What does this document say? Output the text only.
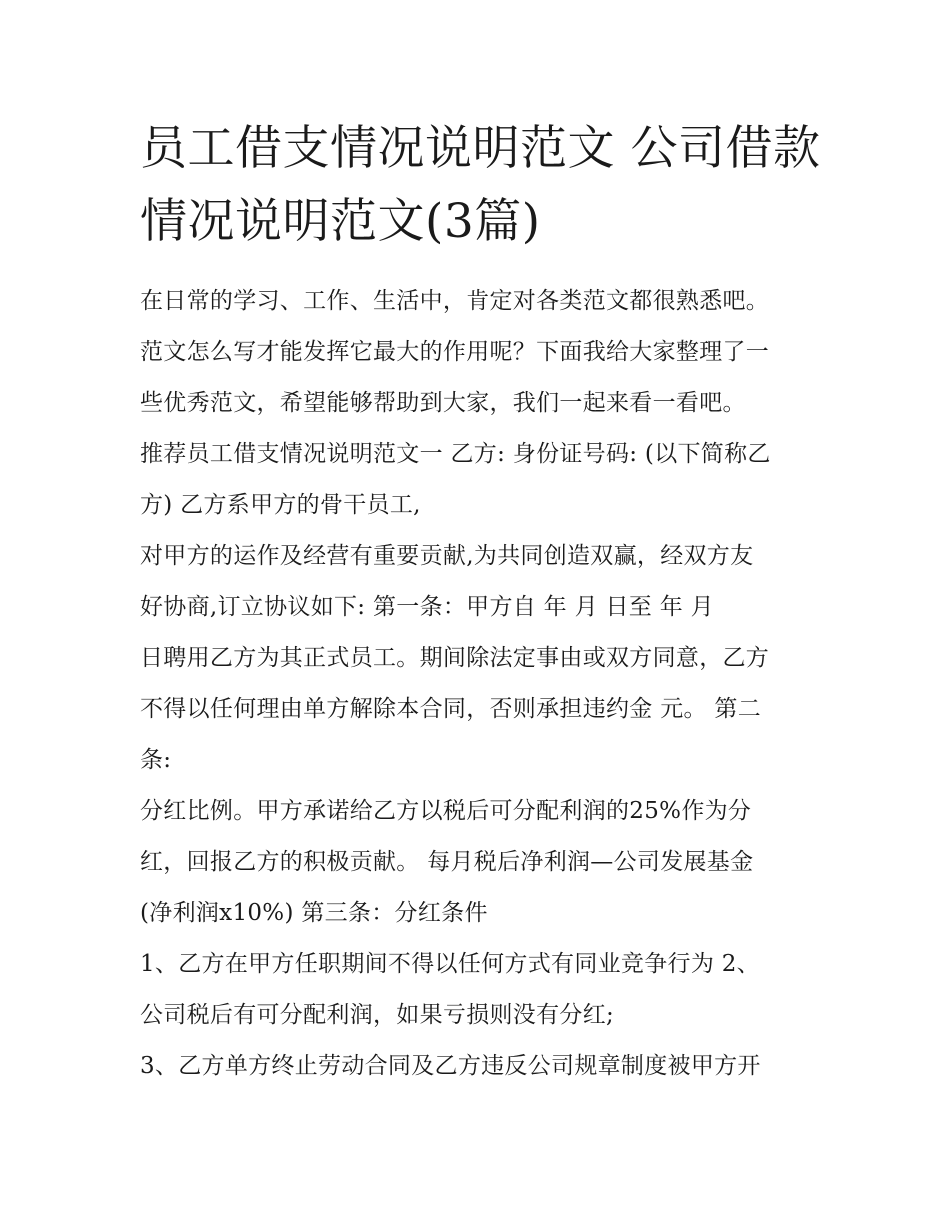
员工借支情况说明范文 公司借款情况说明范文(3篇)
在日常的学习、工作、生活中，肯定对各类范文都很熟悉吧。
范文怎么写才能发挥它最大的作用呢？下面我给大家整理了一
些优秀范文，希望能够帮助到大家，我们一起来看一看吧。
推荐员工借支情况说明范文一 乙方: 身份证号码: (以下简称乙
方) 乙方系甲方的骨干员工,
对甲方的运作及经营有重要贡献,为共同创造双赢，经双方友
好协商,订立协议如下: 第一条：甲方自 年 月 日至 年 月
日聘用乙方为其正式员工。期间除法定事由或双方同意，乙方
不得以任何理由单方解除本合同，否则承担违约金 元。 第二
条:
分红比例。甲方承诺给乙方以税后可分配利润的25%作为分
红，回报乙方的积极贡献。 每月税后净利润—公司发展基金
(净利润x10%) 第三条：分红条件
1、乙方在甲方任职期间不得以任何方式有同业竞争行为 2、
公司税后有可分配利润，如果亏损则没有分红;
3、乙方单方终止劳动合同及乙方违反公司规章制度被甲方开
